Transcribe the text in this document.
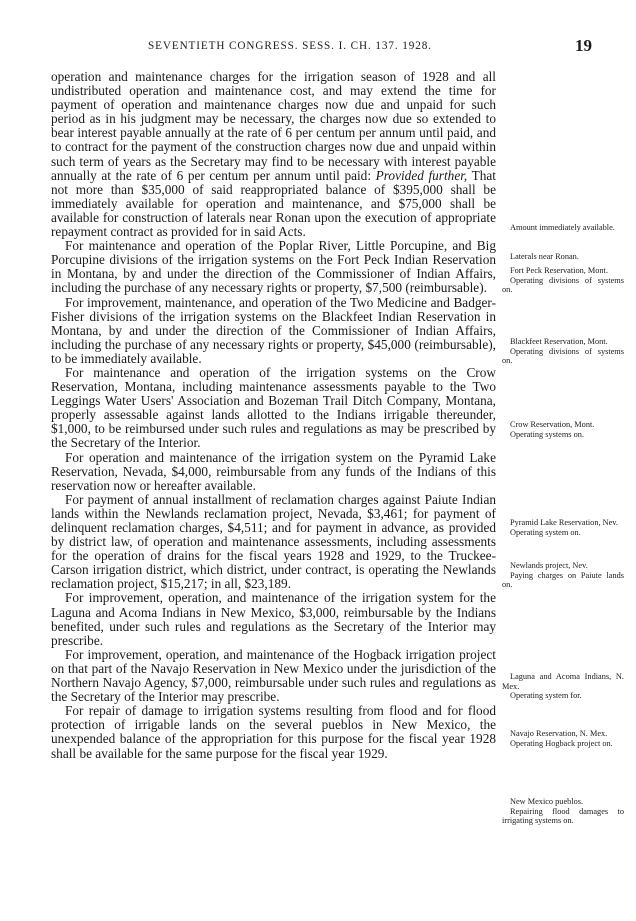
SEVENTIETH CONGRESS. SESS. I. CH. 137. 1928.	19

operation and maintenance charges for the irrigation season of 1928 and all undistributed operation and maintenance cost, and may extend the time for payment of operation and maintenance charges now due and unpaid for such period as in his judgment may be necessary, the charges now due so extended to bear interest payable annually at the rate of 6 per centum per annum until paid, and to contract for the payment of the construction charges now due and unpaid within such term of years as the Secretary may find to be necessary with interest payable annually at the rate of 6 per centum per annum until paid: Provided further, That not more than $35,000 of said reappropriated balance of $395,000 shall be immediately available for operation and maintenance, and $75,000 shall be available for construction of laterals near Ronan upon the execution of appropriate repayment contract as provided for in said Acts.

For maintenance and operation of the Poplar River, Little Porcupine, and Big Porcupine divisions of the irrigation systems on the Fort Peck Indian Reservation in Montana, by and under the direction of the Commissioner of Indian Affairs, including the purchase of any necessary rights or property, $7,500 (reimbursable).

For improvement, maintenance, and operation of the Two Medicine and Badger-Fisher divisions of the irrigation systems on the Blackfeet Indian Reservation in Montana, by and under the direction of the Commissioner of Indian Affairs, including the purchase of any necessary rights or property, $45,000 (reimbursable), to be immediately available.

For maintenance and operation of the irrigation systems on the Crow Reservation, Montana, including maintenance assessments payable to the Two Leggings Water Users' Association and Bozeman Trail Ditch Company, Montana, properly assessable against lands allotted to the Indians irrigable thereunder, $1,000, to be reimbursed under such rules and regulations as may be prescribed by the Secretary of the Interior.

For operation and maintenance of the irrigation system on the Pyramid Lake Reservation, Nevada, $4,000, reimbursable from any funds of the Indians of this reservation now or hereafter available.

For payment of annual installment of reclamation charges against Paiute Indian lands within the Newlands reclamation project, Nevada, $3,461; for payment of delinquent reclamation charges, $4,511; and for payment in advance, as provided by district law, of operation and maintenance assessments, including assessments for the operation of drains for the fiscal years 1928 and 1929, to the Truckee-Carson irrigation district, which district, under contract, is operating the Newlands reclamation project, $15,217; in all, $23,189.

For improvement, operation, and maintenance of the irrigation system for the Laguna and Acoma Indians in New Mexico, $3,000, reimbursable by the Indians benefited, under such rules and regulations as the Secretary of the Interior may prescribe.

For improvement, operation, and maintenance of the Hogback irrigation project on that part of the Navajo Reservation in New Mexico under the jurisdiction of the Northern Navajo Agency, $7,000, reimbursable under such rules and regulations as the Secretary of the Interior may prescribe.

For repair of damage to irrigation systems resulting from flood and for flood protection of irrigable lands on the several pueblos in New Mexico, the unexpended balance of the appropriation for this purpose for the fiscal year 1928 shall be available for the same purpose for the fiscal year 1929.

Amount immediately available.
Laterals near Ronan.
Fort Peck Reservation, Mont.
Operating divisions of systems on.
Blackfeet Reservation, Mont.
Operating divisions of systems on.
Crow Reservation, Mont.
Operating systems on.
Pyramid Lake Reservation, Nev.
Operating system on.
Newlands project, Nev.
Paying charges on Paiute lands on.
Laguna and Acoma Indians, N. Mex.
Operating system for.
Navajo Reservation, N. Mex.
Operating Hogback project on.
New Mexico pueblos.
Repairing flood damages to irrigating systems on.
